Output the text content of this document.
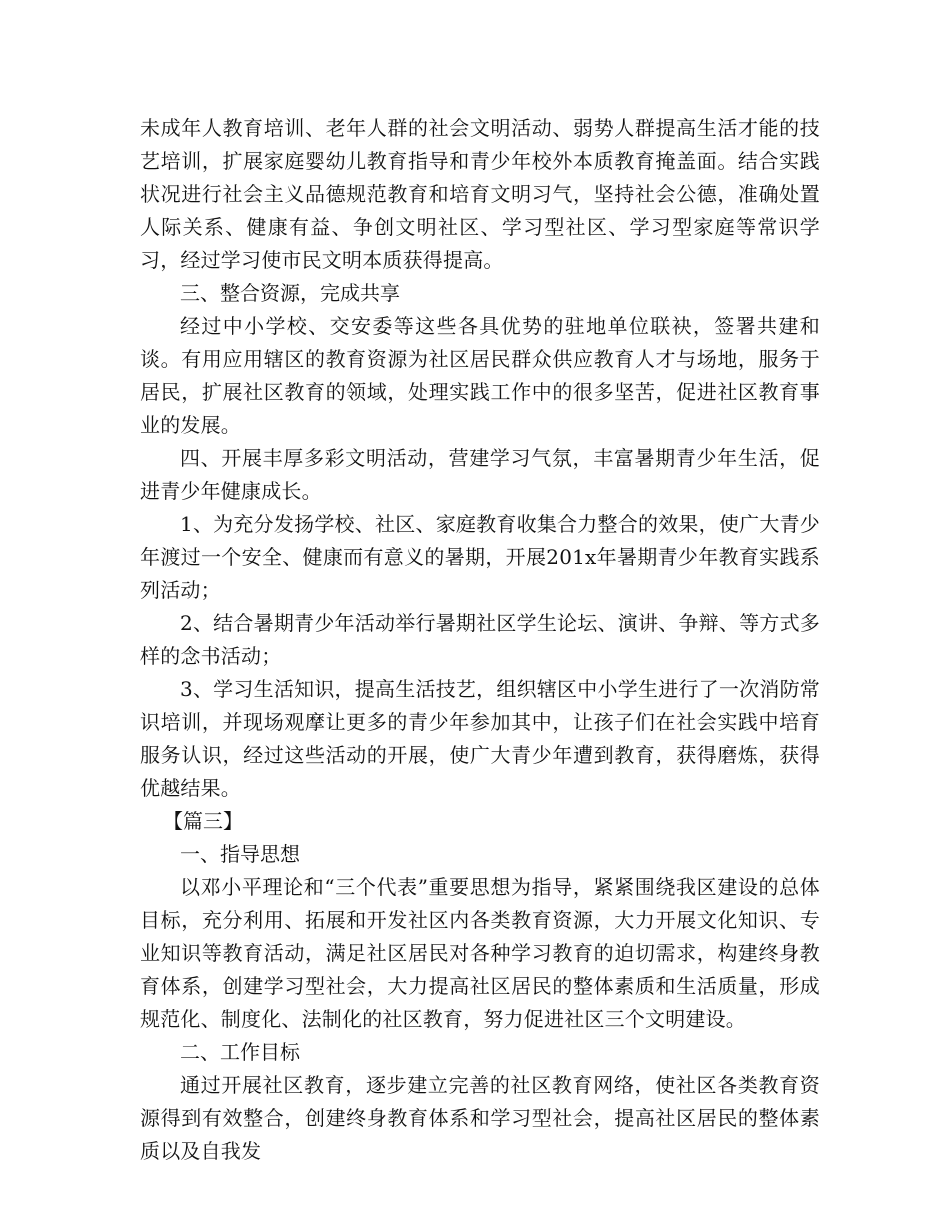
未成年人教育培训、老年人群的社会文明活动、弱势人群提高生活才能的技艺培训，扩展家庭婴幼儿教育指导和青少年校外本质教育掩盖面。结合实践状况进行社会主义品德规范教育和培育文明习气，坚持社会公德，准确处置人际关系、健康有益、争创文明社区、学习型社区、学习型家庭等常识学习，经过学习使市民文明本质获得提高。

三、整合资源，完成共享

经过中小学校、交安委等这些各具优势的驻地单位联袂，签署共建和谈。有用应用辖区的教育资源为社区居民群众供应教育人才与场地，服务于居民，扩展社区教育的领域，处理实践工作中的很多坚苦，促进社区教育事业的发展。

四、开展丰厚多彩文明活动，营建学习气氛，丰富暑期青少年生活，促进青少年健康成长。

1、为充分发扬学校、社区、家庭教育收集合力整合的效果，使广大青少年渡过一个安全、健康而有意义的暑期，开展201x年暑期青少年教育实践系列活动；

2、结合暑期青少年活动举行暑期社区学生论坛、演讲、争辩、等方式多样的念书活动；

3、学习生活知识，提高生活技艺，组织辖区中小学生进行了一次消防常识培训，并现场观摩让更多的青少年参加其中，让孩子们在社会实践中培育服务认识，经过这些活动的开展，使广大青少年遭到教育，获得磨炼，获得优越结果。

【篇三】

一、指导思想

以邓小平理论和“三个代表”重要思想为指导，紧紧围绕我区建设的总体目标，充分利用、拓展和开发社区内各类教育资源，大力开展文化知识、专业知识等教育活动，满足社区居民对各种学习教育的迫切需求，构建终身教育体系，创建学习型社会，大力提高社区居民的整体素质和生活质量，形成规范化、制度化、法制化的社区教育，努力促进社区三个文明建设。

二、工作目标

通过开展社区教育，逐步建立完善的社区教育网络，使社区各类教育资源得到有效整合，创建终身教育体系和学习型社会，提高社区居民的整体素质以及自我发
